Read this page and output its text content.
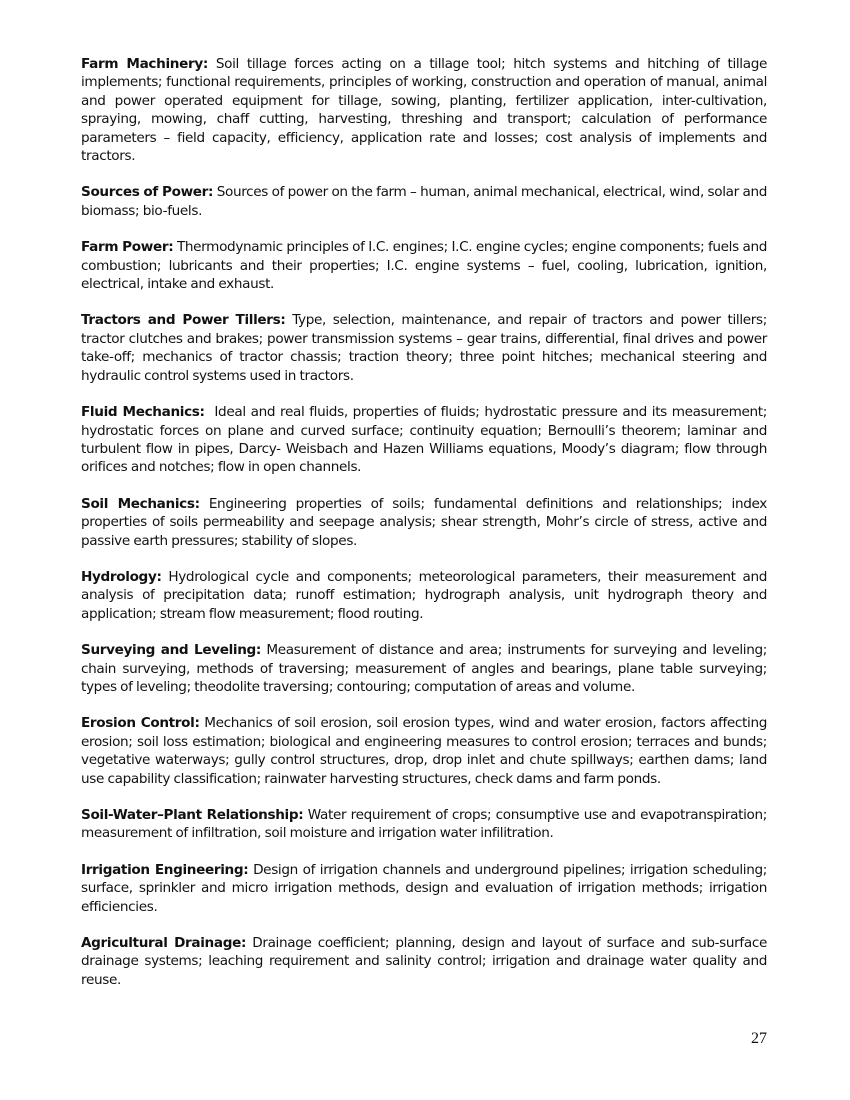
Farm Machinery: Soil tillage forces acting on a tillage tool; hitch systems and hitching of tillage implements; functional requirements, principles of working, construction and operation of manual, animal and power operated equipment for tillage, sowing, planting, fertilizer application, inter-cultivation, spraying, mowing, chaff cutting, harvesting, threshing and transport; calculation of performance parameters – field capacity, efficiency, application rate and losses; cost analysis of implements and tractors.

Sources of Power: Sources of power on the farm – human, animal mechanical, electrical, wind, solar and biomass; bio-fuels.

Farm Power: Thermodynamic principles of I.C. engines; I.C. engine cycles; engine components; fuels and combustion; lubricants and their properties; I.C. engine systems – fuel, cooling, lubrication, ignition, electrical, intake and exhaust.

Tractors and Power Tillers: Type, selection, maintenance, and repair of tractors and power tillers; tractor clutches and brakes; power transmission systems – gear trains, differential, final drives and power take-off; mechanics of tractor chassis; traction theory; three point hitches; mechanical steering and hydraulic control systems used in tractors.

Fluid Mechanics: Ideal and real fluids, properties of fluids; hydrostatic pressure and its measurement; hydrostatic forces on plane and curved surface; continuity equation; Bernoulli’s theorem; laminar and turbulent flow in pipes, Darcy- Weisbach and Hazen Williams equations, Moody’s diagram; flow through orifices and notches; flow in open channels.

Soil Mechanics: Engineering properties of soils; fundamental definitions and relationships; index properties of soils permeability and seepage analysis; shear strength, Mohr’s circle of stress, active and passive earth pressures; stability of slopes.

Hydrology: Hydrological cycle and components; meteorological parameters, their measurement and analysis of precipitation data; runoff estimation; hydrograph analysis, unit hydrograph theory and application; stream flow measurement; flood routing.

Surveying and Leveling: Measurement of distance and area; instruments for surveying and leveling; chain surveying, methods of traversing; measurement of angles and bearings, plane table surveying; types of leveling; theodolite traversing; contouring; computation of areas and volume.

Erosion Control: Mechanics of soil erosion, soil erosion types, wind and water erosion, factors affecting erosion; soil loss estimation; biological and engineering measures to control erosion; terraces and bunds; vegetative waterways; gully control structures, drop, drop inlet and chute spillways; earthen dams; land use capability classification; rainwater harvesting structures, check dams and farm ponds.

Soil-Water–Plant Relationship: Water requirement of crops; consumptive use and evapotranspiration; measurement of infiltration, soil moisture and irrigation water infilitration.

Irrigation Engineering: Design of irrigation channels and underground pipelines; irrigation scheduling; surface, sprinkler and micro irrigation methods, design and evaluation of irrigation methods; irrigation efficiencies.

Agricultural Drainage: Drainage coefficient; planning, design and layout of surface and sub-surface drainage systems; leaching requirement and salinity control; irrigation and drainage water quality and reuse.

27
